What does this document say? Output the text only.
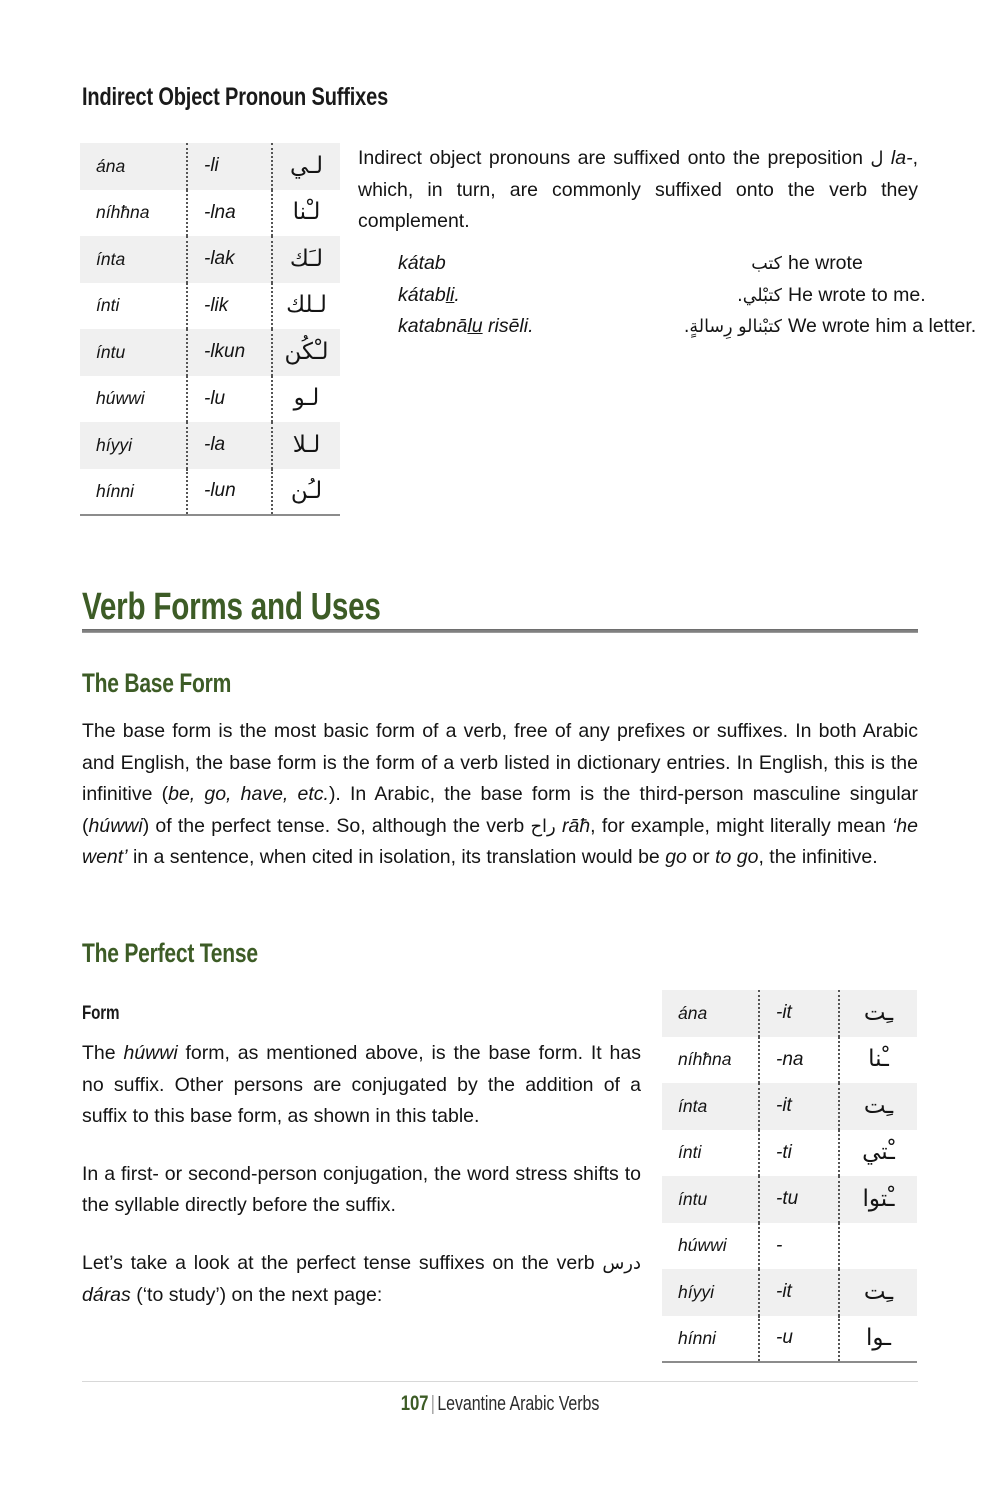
Indirect Object Pronoun Suffixes
ána	-li	لـي
níhħna	-lna	لـْنا
ínta	-lak	لـَك
ínti	-lik	لـلك
íntu	-lkun	لـْكُن
húwwi	-lu	لـو
híyyi	-la	لـلا
hínni	-lun	لـُن
Indirect object pronouns are suffixed onto the preposition ل la-, which, in turn, are commonly suffixed onto the verb they complement.
kátab	كتب he wrote
kátabli.	كتبْلي. He wrote to me.
katabnālu risēli.	كتبْنالو رِسالةٍ. We wrote him a letter.
Verb Forms and Uses
The Base Form
The base form is the most basic form of a verb, free of any prefixes or suffixes. In both Arabic and English, the base form is the form of a verb listed in dictionary entries. In English, this is the infinitive (be, go, have, etc.). In Arabic, the base form is the third-person masculine singular (húwwi) of the perfect tense. So, although the verb راح rāħ, for example, might literally mean ‘he went’ in a sentence, when cited in isolation, its translation would be go or to go, the infinitive.
The Perfect Tense
Form

The húwwi form, as mentioned above, is the base form. It has no suffix. Other persons are conjugated by the addition of a suffix to this base form, as shown in this table.

In a first- or second-person conjugation, the word stress shifts to the syllable directly before the suffix.

Let’s take a look at the perfect tense suffixes on the verb درس dáras (‘to study’) on the next page:

ána	-it	ـِت
níhħna	-na	ـْنا
ínta	-it	ـِت
ínti	-ti	ـْتي
íntu	-tu	ـْتوا
húwwi	-	
híyyi	-it	ـِت
hínni	-u	ـوا
107 | Levantine Arabic Verbs
